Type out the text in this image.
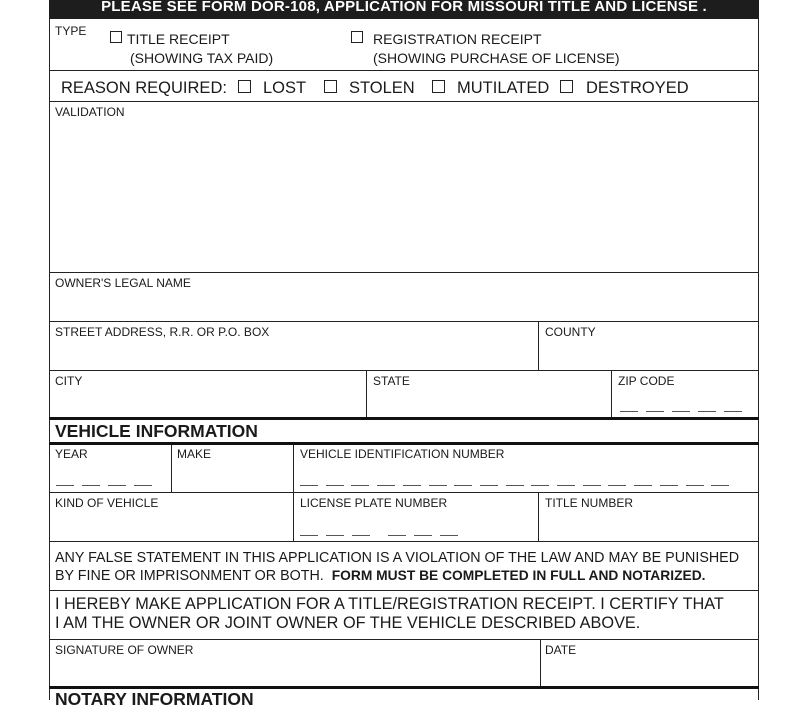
PLEASE SEE FORM DOR-108, APPLICATION FOR MISSOURI TITLE AND LICENSE .
TYPE	TITLE RECEIPT
(SHOWING TAX PAID)
REGISTRATION RECEIPT
(SHOWING PURCHASE OF LICENSE)
REASON REQUIRED: LOST	STOLEN	MUTILATED DESTROYED
VALIDATION
OWNER'S LEGAL NAME
STREET ADDRESS, R.R. OR P.O. BOX	COUNTY
CITY	STATE	ZIP CODE
VEHICLE INFORMATION
YEAR	MAKE	VEHICLE IDENTIFICATION NUMBER
KIND OF VEHICLE	LICENSE PLATE NUMBER	TITLE NUMBER
ANY FALSE STATEMENT IN THIS APPLICATION IS A VIOLATION OF THE LAW AND MAY BE PUNISHED
BY FINE OR IMPRISONMENT OR BOTH. FORM MUST BE COMPLETED IN FULL AND NOTARIZED.
I HEREBY MAKE APPLICATION FOR A TITLE/REGISTRATION RECEIPT. I CERTIFY THAT
I AM THE OWNER OR JOINT OWNER OF THE VEHICLE DESCRIBED ABOVE.
SIGNATURE OF OWNER	DATE
NOTARY INFORMATION
